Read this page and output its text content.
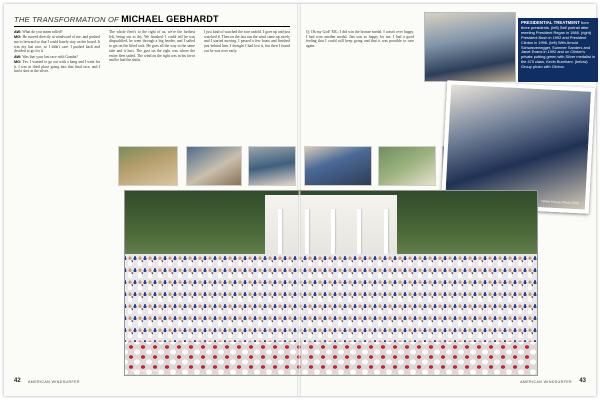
THE TRANSFORMATION OF MICHAEL GEBHARDT

AW: What do you mean rolled?

MG: He moved directly at windward of me, and pushed me to leeward so that I could barely stay on the board. It was my last race, so I didn't care. I pushed back and decided to go for it.

AW: Was that your last race with Gamba?

MG: Yes. I wanted to go out with a bang and I went for it. I was in third place going into that final race, and I had a shot at the silver.

The whole fleet's to the right of us, we're the farthest left, being out to dry. We finished. I could tell he was disqualified, he went through a big header, and I sailed to get on the lifted tack. He goes all the way to the same side and it hurt. The gust on the right was where the entire fleet sailed. The wind on the right was in his favor and he had the shifts.

I just kind of watched the race unfold. I gave up and just watched it. Then on the last run the wind came up nicely and I started moving. I passed a few boats and finished just behind him. I thought I had lost it, but then I found out he was over early.

Q: Oh my God! MG: I did win the bronze medal. I wasn't ever happy. I had won another medal. Jim was so happy for me. I had a good feeling that I could still keep going and that it was possible to race again.

PRESIDENTIAL TREATMENT from three presidents. (left) Self portrait after meeting President Regan in 1988. (right) President Bush in 1992 and President Clinton in 1996. (left) With Arnold Schwarzenegger, Summer Sanders and Janet Evans in 1992 and on Clinton's private putting green with Silver medalist in the 470 class, Kevin Burnham. (below) Group photo with Clinton.
White House Photo 1996
White House Photo
42 AMERICAN WINDSURFER	AMERICAN WINDSURFER 43
